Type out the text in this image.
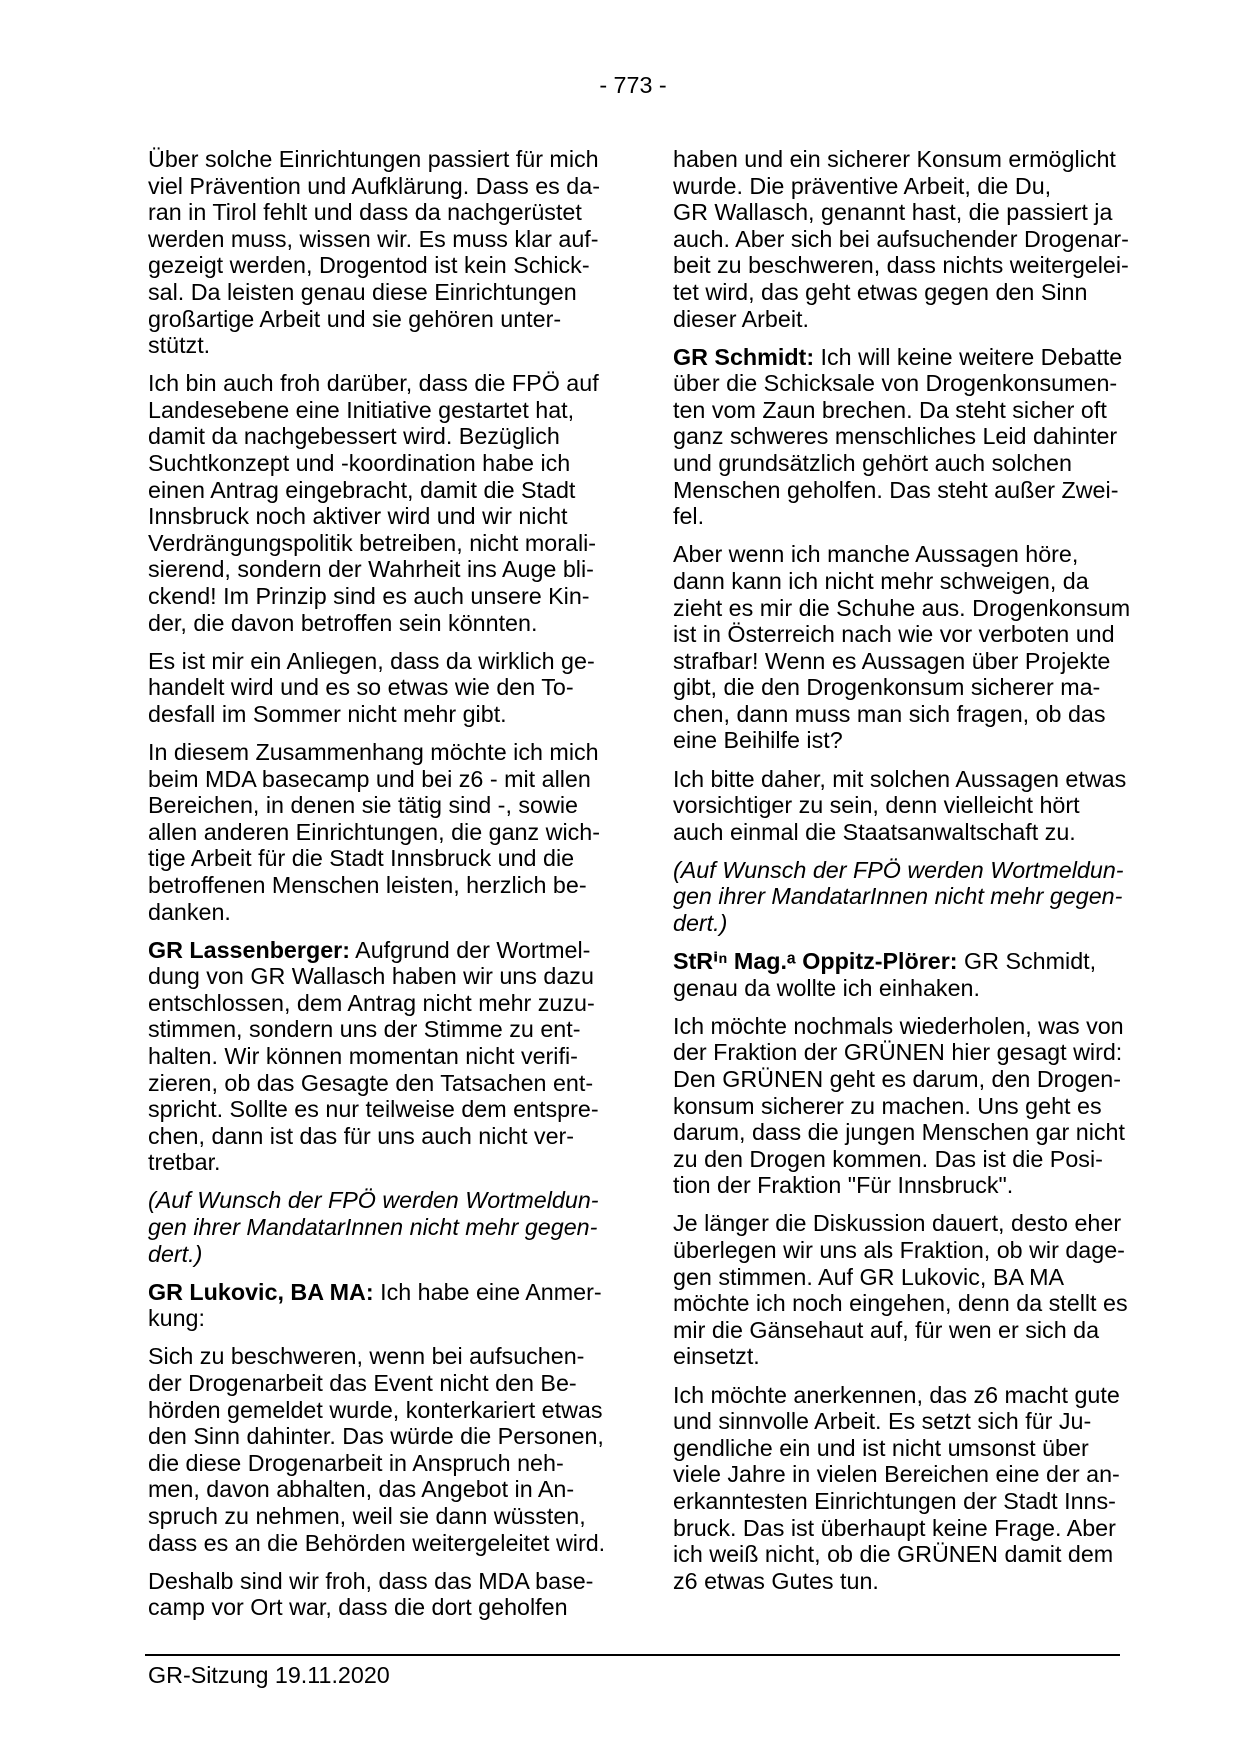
- 773 -

Über solche Einrichtungen passiert für mich
viel Prävention und Aufklärung. Dass es da-
ran in Tirol fehlt und dass da nachgerüstet
werden muss, wissen wir. Es muss klar auf-
gezeigt werden, Drogentod ist kein Schick-
sal. Da leisten genau diese Einrichtungen
großartige Arbeit und sie gehören unter-
stützt.

Ich bin auch froh darüber, dass die FPÖ auf
Landesebene eine Initiative gestartet hat,
damit da nachgebessert wird. Bezüglich
Suchtkonzept und -koordination habe ich
einen Antrag eingebracht, damit die Stadt
Innsbruck noch aktiver wird und wir nicht
Verdrängungspolitik betreiben, nicht morali-
sierend, sondern der Wahrheit ins Auge bli-
ckend! Im Prinzip sind es auch unsere Kin-
der, die davon betroffen sein könnten.

Es ist mir ein Anliegen, dass da wirklich ge-
handelt wird und es so etwas wie den To-
desfall im Sommer nicht mehr gibt.

In diesem Zusammenhang möchte ich mich
beim MDA basecamp und bei z6 - mit allen
Bereichen, in denen sie tätig sind -, sowie
allen anderen Einrichtungen, die ganz wich-
tige Arbeit für die Stadt Innsbruck und die
betroffenen Menschen leisten, herzlich be-
danken.

GR Lassenberger: Aufgrund der Wortmel-
dung von GR Wallasch haben wir uns dazu
entschlossen, dem Antrag nicht mehr zuzu-
stimmen, sondern uns der Stimme zu ent-
halten. Wir können momentan nicht verifi-
zieren, ob das Gesagte den Tatsachen ent-
spricht. Sollte es nur teilweise dem entspre-
chen, dann ist das für uns auch nicht ver-
tretbar.

(Auf Wunsch der FPÖ werden Wortmeldun-
gen ihrer MandatarInnen nicht mehr gegen-
dert.)

GR Lukovic, BA MA: Ich habe eine Anmer-
kung:

Sich zu beschweren, wenn bei aufsuchen-
der Drogenarbeit das Event nicht den Be-
hörden gemeldet wurde, konterkariert etwas
den Sinn dahinter. Das würde die Personen,
die diese Drogenarbeit in Anspruch neh-
men, davon abhalten, das Angebot in An-
spruch zu nehmen, weil sie dann wüssten,
dass es an die Behörden weitergeleitet wird.

Deshalb sind wir froh, dass das MDA base-
camp vor Ort war, dass die dort geholfen

haben und ein sicherer Konsum ermöglicht
wurde. Die präventive Arbeit, die Du,
GR Wallasch, genannt hast, die passiert ja
auch. Aber sich bei aufsuchender Drogenar-
beit zu beschweren, dass nichts weitergelei-
tet wird, das geht etwas gegen den Sinn
dieser Arbeit.

GR Schmidt: Ich will keine weitere Debatte
über die Schicksale von Drogenkonsumen-
ten vom Zaun brechen. Da steht sicher oft
ganz schweres menschliches Leid dahinter
und grundsätzlich gehört auch solchen
Menschen geholfen. Das steht außer Zwei-
fel.

Aber wenn ich manche Aussagen höre,
dann kann ich nicht mehr schweigen, da
zieht es mir die Schuhe aus. Drogenkonsum
ist in Österreich nach wie vor verboten und
strafbar! Wenn es Aussagen über Projekte
gibt, die den Drogenkonsum sicherer ma-
chen, dann muss man sich fragen, ob das
eine Beihilfe ist?

Ich bitte daher, mit solchen Aussagen etwas
vorsichtiger zu sein, denn vielleicht hört
auch einmal die Staatsanwaltschaft zu.

(Auf Wunsch der FPÖ werden Wortmeldun-
gen ihrer MandatarInnen nicht mehr gegen-
dert.)

StRⁱⁿ Mag.ᵃ Oppitz-Plörer: GR Schmidt,
genau da wollte ich einhaken.

Ich möchte nochmals wiederholen, was von
der Fraktion der GRÜNEN hier gesagt wird:
Den GRÜNEN geht es darum, den Drogen-
konsum sicherer zu machen. Uns geht es
darum, dass die jungen Menschen gar nicht
zu den Drogen kommen. Das ist die Posi-
tion der Fraktion "Für Innsbruck".

Je länger die Diskussion dauert, desto eher
überlegen wir uns als Fraktion, ob wir dage-
gen stimmen. Auf GR Lukovic, BA MA
möchte ich noch eingehen, denn da stellt es
mir die Gänsehaut auf, für wen er sich da
einsetzt.

Ich möchte anerkennen, das z6 macht gute
und sinnvolle Arbeit. Es setzt sich für Ju-
gendliche ein und ist nicht umsonst über
viele Jahre in vielen Bereichen eine der an-
erkanntesten Einrichtungen der Stadt Inns-
bruck. Das ist überhaupt keine Frage. Aber
ich weiß nicht, ob die GRÜNEN damit dem
z6 etwas Gutes tun.

GR-Sitzung 19.11.2020
